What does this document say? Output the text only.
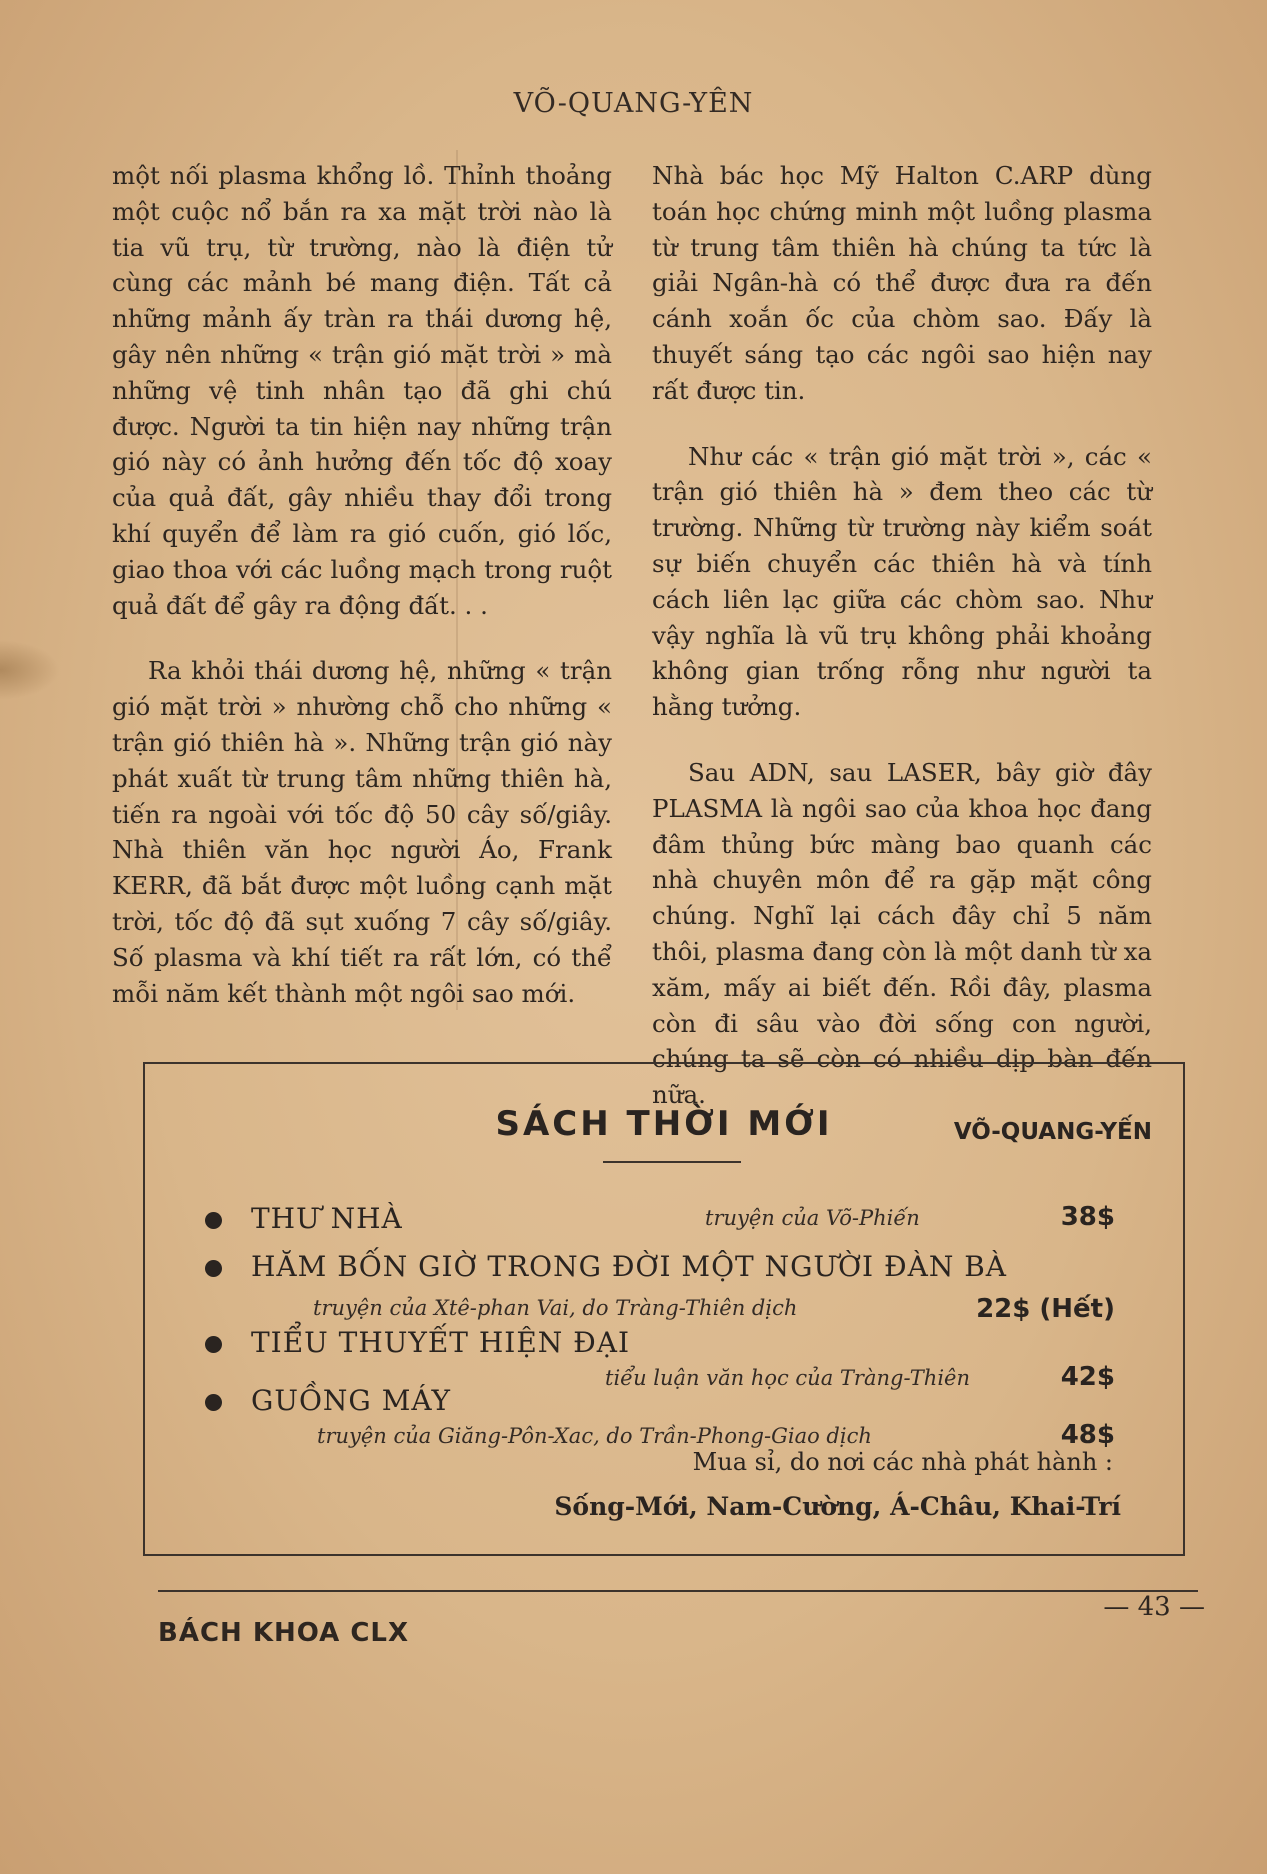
VÕ-QUANG-YÊN

một nối plasma khổng lồ. Thỉnh thoảng một cuộc nổ bắn ra xa mặt trời nào là tia vũ trụ, từ trường, nào là điện tử cùng các mảnh bé mang điện. Tất cả những mảnh ấy tràn ra thái dương hệ, gây nên những « trận gió mặt trời » mà những vệ tinh nhân tạo đã ghi chú được. Người ta tin hiện nay những trận gió này có ảnh hưởng đến tốc độ xoay của quả đất, gây nhiều thay đổi trong khí quyển để làm ra gió cuốn, gió lốc, giao thoa với các luồng mạch trong ruột quả đất để gây ra động đất. . .

Ra khỏi thái dương hệ, những « trận gió mặt trời » nhường chỗ cho những « trận gió thiên hà ». Những trận gió này phát xuất từ trung tâm những thiên hà, tiến ra ngoài với tốc độ 50 cây số/giây. Nhà thiên văn học người Áo, Frank KERR, đã bắt được một luồng cạnh mặt trời, tốc độ đã sụt xuống 7 cây số/giây. Số plasma và khí tiết ra rất lớn, có thể mỗi năm kết thành một ngôi sao mới.

Nhà bác học Mỹ Halton C.ARP dùng toán học chứng minh một luồng plasma từ trung tâm thiên hà chúng ta tức là giải Ngân-hà có thể được đưa ra đến cánh xoắn ốc của chòm sao. Đấy là thuyết sáng tạo các ngôi sao hiện nay rất được tin.

Như các « trận gió mặt trời », các « trận gió thiên hà » đem theo các từ trường. Những từ trường này kiểm soát sự biến chuyển các thiên hà và tính cách liên lạc giữa các chòm sao. Như vậy nghĩa là vũ trụ không phải khoảng không gian trống rỗng như người ta hằng tưởng.

Sau ADN, sau LASER, bây giờ đây PLASMA là ngôi sao của khoa học đang đâm thủng bức màng bao quanh các nhà chuyên môn để ra gặp mặt công chúng. Nghĩ lại cách đây chỉ 5 năm thôi, plasma đang còn là một danh từ xa xăm, mấy ai biết đến. Rồi đây, plasma còn đi sâu vào đời sống con người, chúng ta sẽ còn có nhiều dịp bàn đến nữa.

VÕ-QUANG-YẾN
SÁCH THỜI MỚI
THƯ NHÀ	38$
truyện của Võ-Phiến
HĂM BỐN GIỜ TRONG ĐỜI MỘT NGƯỜI ĐÀN BÀ
truyện của Xtê-phan Vai, do Tràng-Thiên dịch	22$ (Hết)
TIỂU THUYẾT HIỆN ĐẠI
tiểu luận văn học của Tràng-Thiên	42$
GUỒNG MÁY
truyện của Giăng-Pôn-Xac, do Trần-Phong-Giao dịch	48$
Mua sỉ, do nơi các nhà phát hành :
Sống-Mới, Nam-Cường, Á-Châu, Khai-Trí
BÁCH KHOA CLX
— 43 —
